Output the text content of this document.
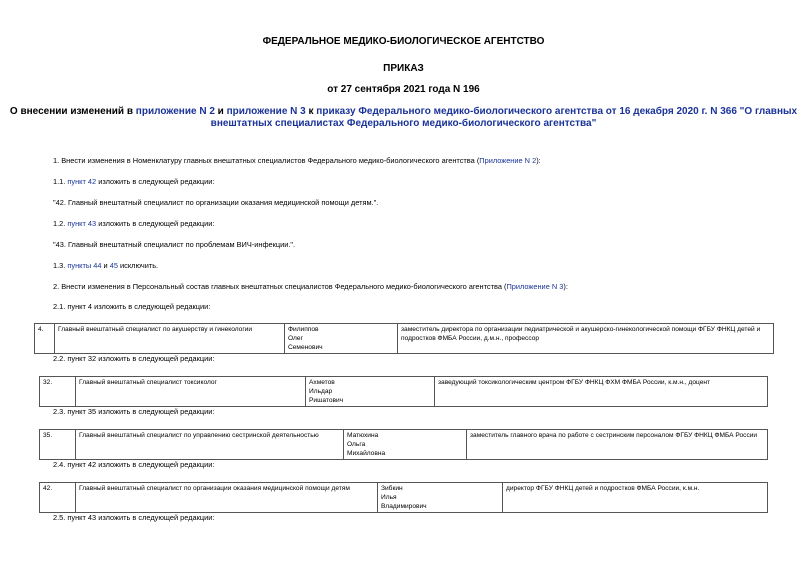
ФЕДЕРАЛЬНОЕ МЕДИКО-БИОЛОГИЧЕСКОЕ АГЕНТСТВО
ПРИКАЗ
от 27 сентября 2021 года N 196
О внесении изменений в приложение N 2 и приложение N 3 к приказу Федерального медико-биологического агентства от 16 декабря 2020 г. N 366 "О главных
внештатных специалистах Федерального медико-биологического агентства"
1. Внести изменения в Номенклатуру главных внештатных специалистов Федерального медико-биологического агентства (Приложение N 2):
1.1. пункт 42 изложить в следующей редакции:
"42. Главный внештатный специалист по организации оказания медицинской помощи детям.".
1.2. пункт 43 изложить в следующей редакции:
"43. Главный внештатный специалист по проблемам ВИЧ-инфекции.".
1.3. пункты 44 и 45 исключить.
2. Внести изменения в Персональный состав главных внештатных специалистов Федерального медико-биологического агентства (Приложение N 3):
2.1. пункт 4 изложить в следующей редакции:
4.	Главный внештатный специалист по акушерству и гинекологии	Филиппов
Олег
Семенович
	заместитель директора по организации педиатрической и акушерско-гинекологической помощи ФГБУ ФНКЦ детей и подростков ФМБА России, д.м.н., профессор
2.2. пункт 32 изложить в следующей редакции:
32.	Главный внештатный специалист токсиколог	Ахметов
Ильдар
Ришатович
	заведующий токсикологическим центром ФГБУ ФНКЦ ФХМ ФМБА России, к.м.н., доцент
2.3. пункт 35 изложить в следующей редакции:
35.	Главный внештатный специалист по управлению сестринской деятельностью	Матюхина
Ольга
Михайловна
	заместитель главного врача по работе с сестринским персоналом ФГБУ ФНКЦ ФМБА России
2.4. пункт 42 изложить в следующей редакции:
42.	Главный внештатный специалист по организации оказания медицинской помощи детям	Зибкин
Илья
Владимирович
	директор ФГБУ ФНКЦ детей и подростков ФМБА России, к.м.н.
2.5. пункт 43 изложить в следующей редакции:
